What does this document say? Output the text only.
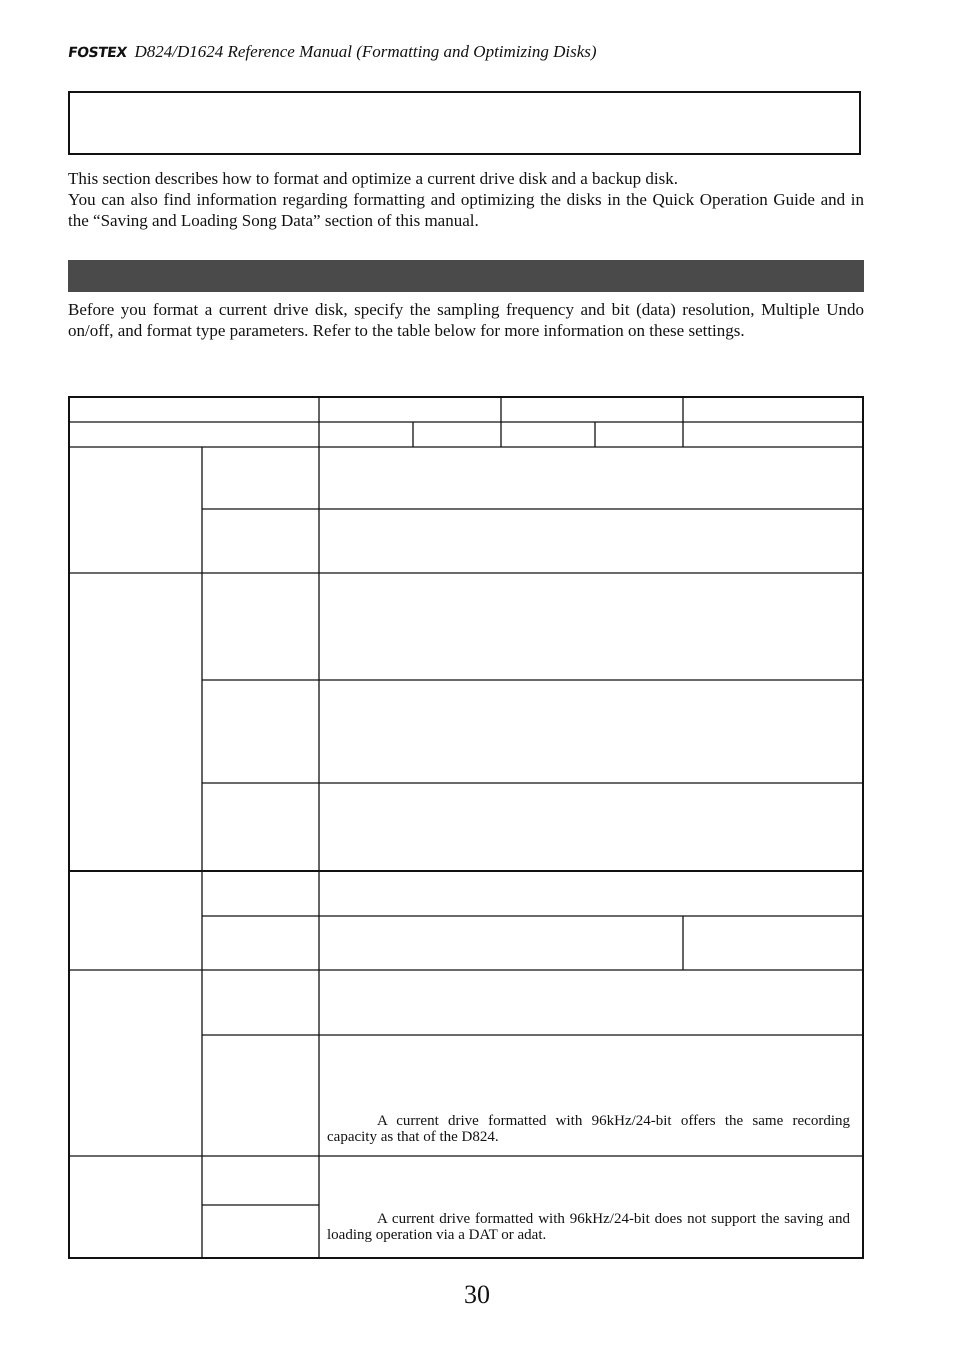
FOSTEX D824/D1624 Reference Manual (Formatting and Optimizing Disks)
This section describes how to format and optimize a current drive disk and a backup disk.
You can also find information regarding formatting and optimizing the disks in the Quick Operation Guide and in the “Saving and Loading Song Data” section of this manual.
Before you format a current drive disk, specify the sampling frequency and bit (data) resolution, Multiple Undo on/off, and format type parameters. Refer to the table below for more information on these settings.
A current drive formatted with 96kHz/24-bit offers the same recording capacity as that of the D824.
A current drive formatted with 96kHz/24-bit does not support the saving and loading operation via a DAT or adat.
30
